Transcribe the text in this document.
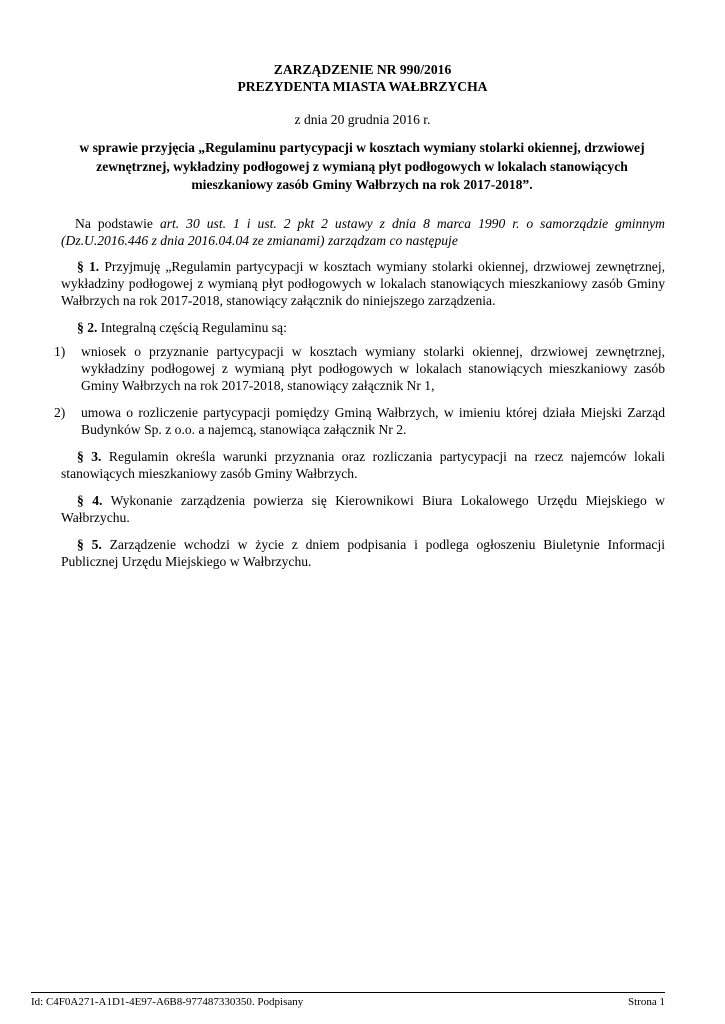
ZARZĄDZENIE NR 990/2016
PREZYDENTA MIASTA WAŁBRZYCHA
z dnia 20 grudnia 2016 r.
w sprawie przyjęcia „Regulaminu partycypacji w kosztach wymiany stolarki okiennej, drzwiowej zewnętrznej, wykładziny podłogowej z wymianą płyt podłogowych w lokalach stanowiących mieszkaniowy zasób Gminy Wałbrzych na rok 2017-2018”.

Na podstawie art. 30 ust. 1 i ust. 2 pkt 2 ustawy z dnia 8 marca 1990 r. o samorządzie gminnym (Dz.U.2016.446 z dnia 2016.04.04 ze zmianami) zarządzam co następuje

§ 1. Przyjmuję „Regulamin partycypacji w kosztach wymiany stolarki okiennej, drzwiowej zewnętrznej, wykładziny podłogowej z wymianą płyt podłogowych w lokalach stanowiących mieszkaniowy zasób Gminy Wałbrzych na rok 2017-2018, stanowiący załącznik do niniejszego zarządzenia.

§ 2. Integralną częścią Regulaminu są:

1) wniosek o przyznanie partycypacji w kosztach wymiany stolarki okiennej, drzwiowej zewnętrznej, wykładziny podłogowej z wymianą płyt podłogowych w lokalach stanowiących mieszkaniowy zasób Gminy Wałbrzych na rok 2017-2018, stanowiący załącznik Nr 1,
2) umowa o rozliczenie partycypacji pomiędzy Gminą Wałbrzych, w imieniu której działa Miejski Zarząd Budynków Sp. z o.o. a najemcą, stanowiąca załącznik Nr 2.

§ 3. Regulamin określa warunki przyznania oraz rozliczania partycypacji na rzecz najemców lokali stanowiących mieszkaniowy zasób Gminy Wałbrzych.

§ 4. Wykonanie zarządzenia powierza się Kierownikowi Biura Lokalowego Urzędu Miejskiego w Wałbrzychu.

§ 5. Zarządzenie wchodzi w życie z dniem podpisania i podlega ogłoszeniu Biuletynie Informacji Publicznej Urzędu Miejskiego w Wałbrzychu.

Id: C4F0A271-A1D1-4E97-A6B8-977487330350. Podpisany	Strona 1
